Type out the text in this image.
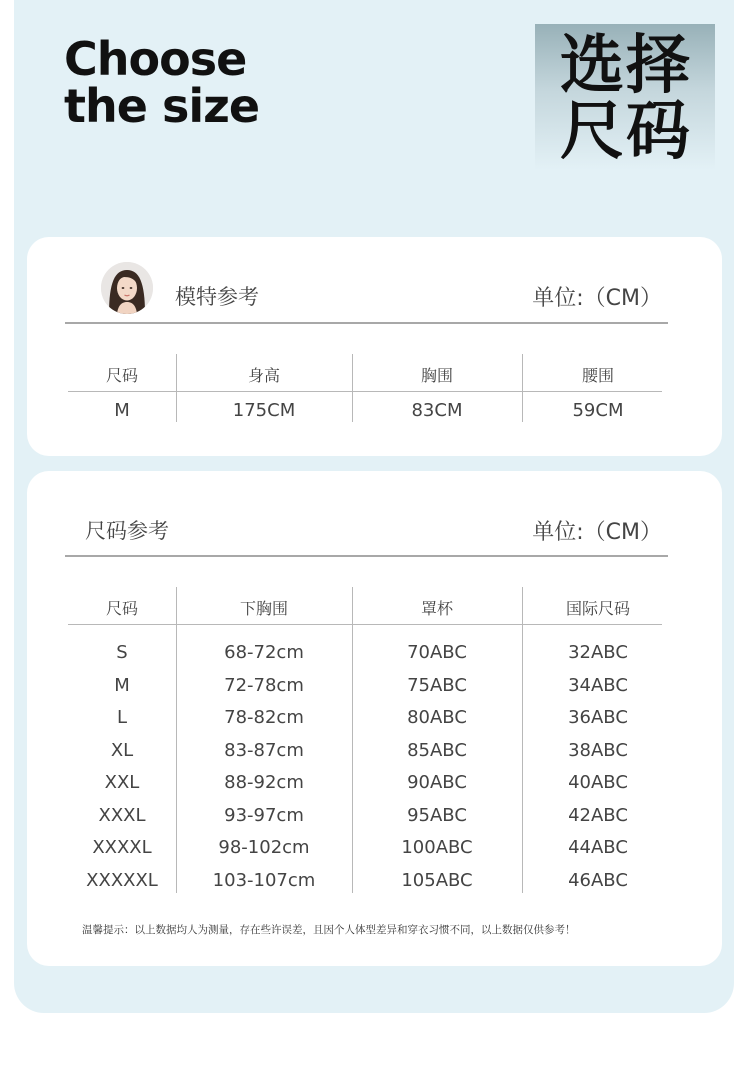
Choose
the size
选择
尺码
模特参考	单位:（CM）
尺码	身高	胸围	腰围
M	175CM	83CM	59CM
尺码参考	单位:（CM）
尺码	下胸围	罩杯	国际尺码
S	68-72cm	70ABC	32ABC
M	72-78cm	75ABC	34ABC
L	78-82cm	80ABC	36ABC
XL	83-87cm	85ABC	38ABC
XXL	88-92cm	90ABC	40ABC
XXXL	93-97cm	95ABC	42ABC
XXXXL	98-102cm	100ABC	44ABC
XXXXXL	103-107cm	105ABC	46ABC
温馨提示：以上数据均人为测量，存在些许误差，且因个人体型差异和穿衣习惯不同，以上数据仅供参考！
